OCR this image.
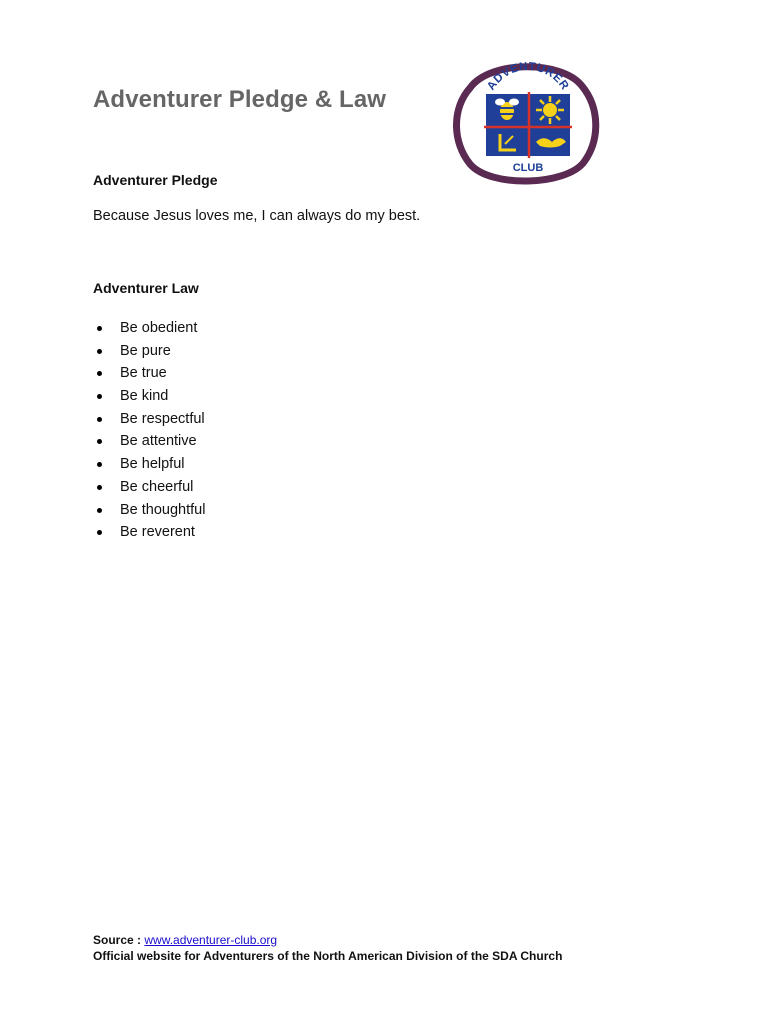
Adventurer Pledge & Law
ADVENTURER
CLUB
Adventurer Pledge
Because Jesus loves me, I can always do my best.
Adventurer Law
Be obedient
Be pure
Be true
Be kind
Be respectful
Be attentive
Be helpful
Be cheerful
Be thoughtful
Be reverent
Source : www.adventurer-club.org
Official website for Adventurers of the North American Division of the SDA Church
